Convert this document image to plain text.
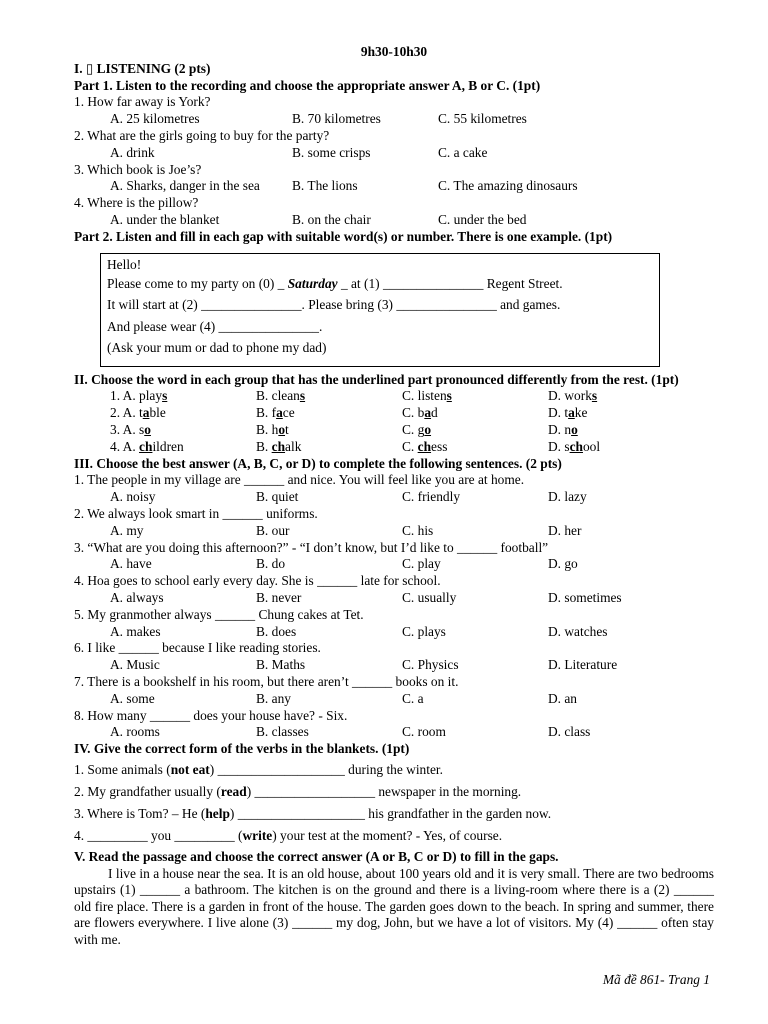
9h30-10h30
I. ▯ LISTENING (2 pts)
Part 1. Listen to the recording and choose the appropriate answer A, B or C. (1pt)
1. How far away is York?
A. 25 kilometres	B. 70 kilometres	C. 55 kilometres
2. What are the girls going to buy for the party?
A. drink	B. some crisps	C. a cake
3. Which book is Joe’s?
A. Sharks, danger in the sea B. The lions	C. The amazing dinosaurs
4. Where is the pillow?
A. under the blanket	B. on the chair	C. under the bed
Part 2. Listen and fill in each gap with suitable word(s) or number. There is one example. (1pt)
Hello!
Please come to my party on (0) _ Saturday _ at (1) _______________ Regent Street.
It will start at (2) _______________. Please bring (3) _______________ and games.
And please wear (4) _______________.
(Ask your mum or dad to phone my dad)
II. Choose the word in each group that has the underlined part pronounced differently from the rest. (1pt)
1. A. plays	B. cleans	C. listens	D. works
2. A. table	B. face	C. bad	D. take
3. A. so	B. hot	C. go	D. no
4. A. children	B. chalk	C. chess	D. school
III. Choose the best answer (A, B, C, or D) to complete the following sentences. (2 pts)
1. The people in my village are ______ and nice. You will feel like you are at home.
A. noisy	B. quiet	C. friendly	D. lazy
2. We always look smart in ______ uniforms.
A. my	B. our	C. his	D. her
3. “What are you doing this afternoon?” - “I don’t know, but I’d like to ______ football”
A. have	B. do	C. play	D. go
4. Hoa goes to school early every day. She is ______ late for school.
A. always	B. never	C. usually	D. sometimes
5. My granmother always ______ Chung cakes at Tet.
A. makes	B. does	C. plays	D. watches
6. I like ______ because I like reading stories.
A. Music	B. Maths	C. Physics	D. Literature
7. There is a bookshelf in his room, but there aren’t ______ books on it.
A. some	B. any	C. a	D. an
8. How many ______ does your house have? - Six.
A. rooms	B. classes	C. room	D. class
IV. Give the correct form of the verbs in the blankets. (1pt)
1. Some animals (not eat) ___________________ during the winter.
2. My grandfather usually (read) __________________ newspaper in the morning.
3. Where is Tom? – He (help) ___________________ his grandfather in the garden now.
4. _________ you _________ (write) your test at the moment? - Yes, of course.
V. Read the passage and choose the correct answer (A or B, C or D) to fill in the gaps.
I live in a house near the sea. It is an old house, about 100 years old and it is very small. There are two bedrooms upstairs (1) ______ a bathroom. The kitchen is on the ground and there is a living-room where there is a (2) ______ old fire place. There is a garden in front of the house. The garden goes down to the beach. In spring and summer, there are flowers everywhere. I live alone (3) ______ my dog, John, but we have a lot of visitors. My (4) ______ often stay with me.
Mã đề 861- Trang 1
